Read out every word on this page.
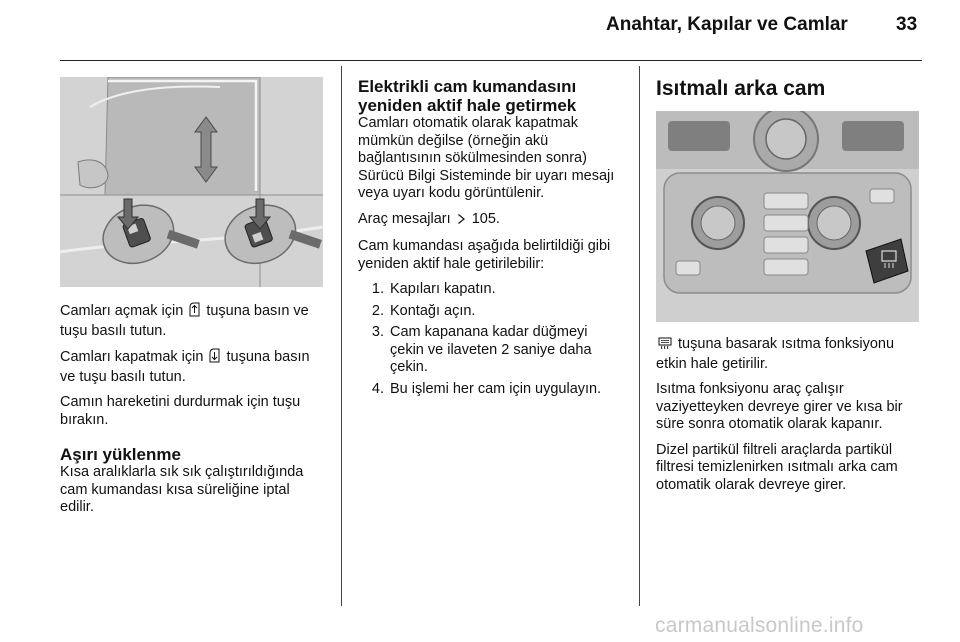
Anahtar, Kapılar ve Camlar	33

Camları açmak için tuşuna basın ve tuşu basılı tutun.

Camları kapatmak için tuşuna basın ve tuşu basılı tutun.

Camın hareketini durdurmak için tuşu bırakın.

Aşırı yüklenme

Kısa aralıklarla sık sık çalıştırıldığında cam kumandası kısa süreliğine iptal edilir.

Elektrikli cam kumandasını yeniden aktif hale getirmek

Camları otomatik olarak kapatmak mümkün değilse (örneğin akü bağlantısının sökülmesinden sonra) Sürücü Bilgi Sisteminde bir uyarı mesajı veya uyarı kodu görüntülenir.

Araç mesajları 105.

Cam kumandası aşağıda belirtildiği gibi yeniden aktif hale getirilebilir:

1. Kapıları kapatın.
2. Kontağı açın.
3. Cam kapanana kadar düğmeyi çekin ve ilaveten 2 saniye daha çekin.
4. Bu işlemi her cam için uygulayın.
Isıtmalı arka cam

tuşuna basarak ısıtma fonksiyonu etkin hale getirilir.

Isıtma fonksiyonu araç çalışır vaziyetteyken devreye girer ve kısa bir süre sonra otomatik olarak kapanır.

Dizel partikül filtreli araçlarda partikül filtresi temizlenirken ısıtmalı arka cam otomatik olarak devreye girer.

carmanualsonline.info
